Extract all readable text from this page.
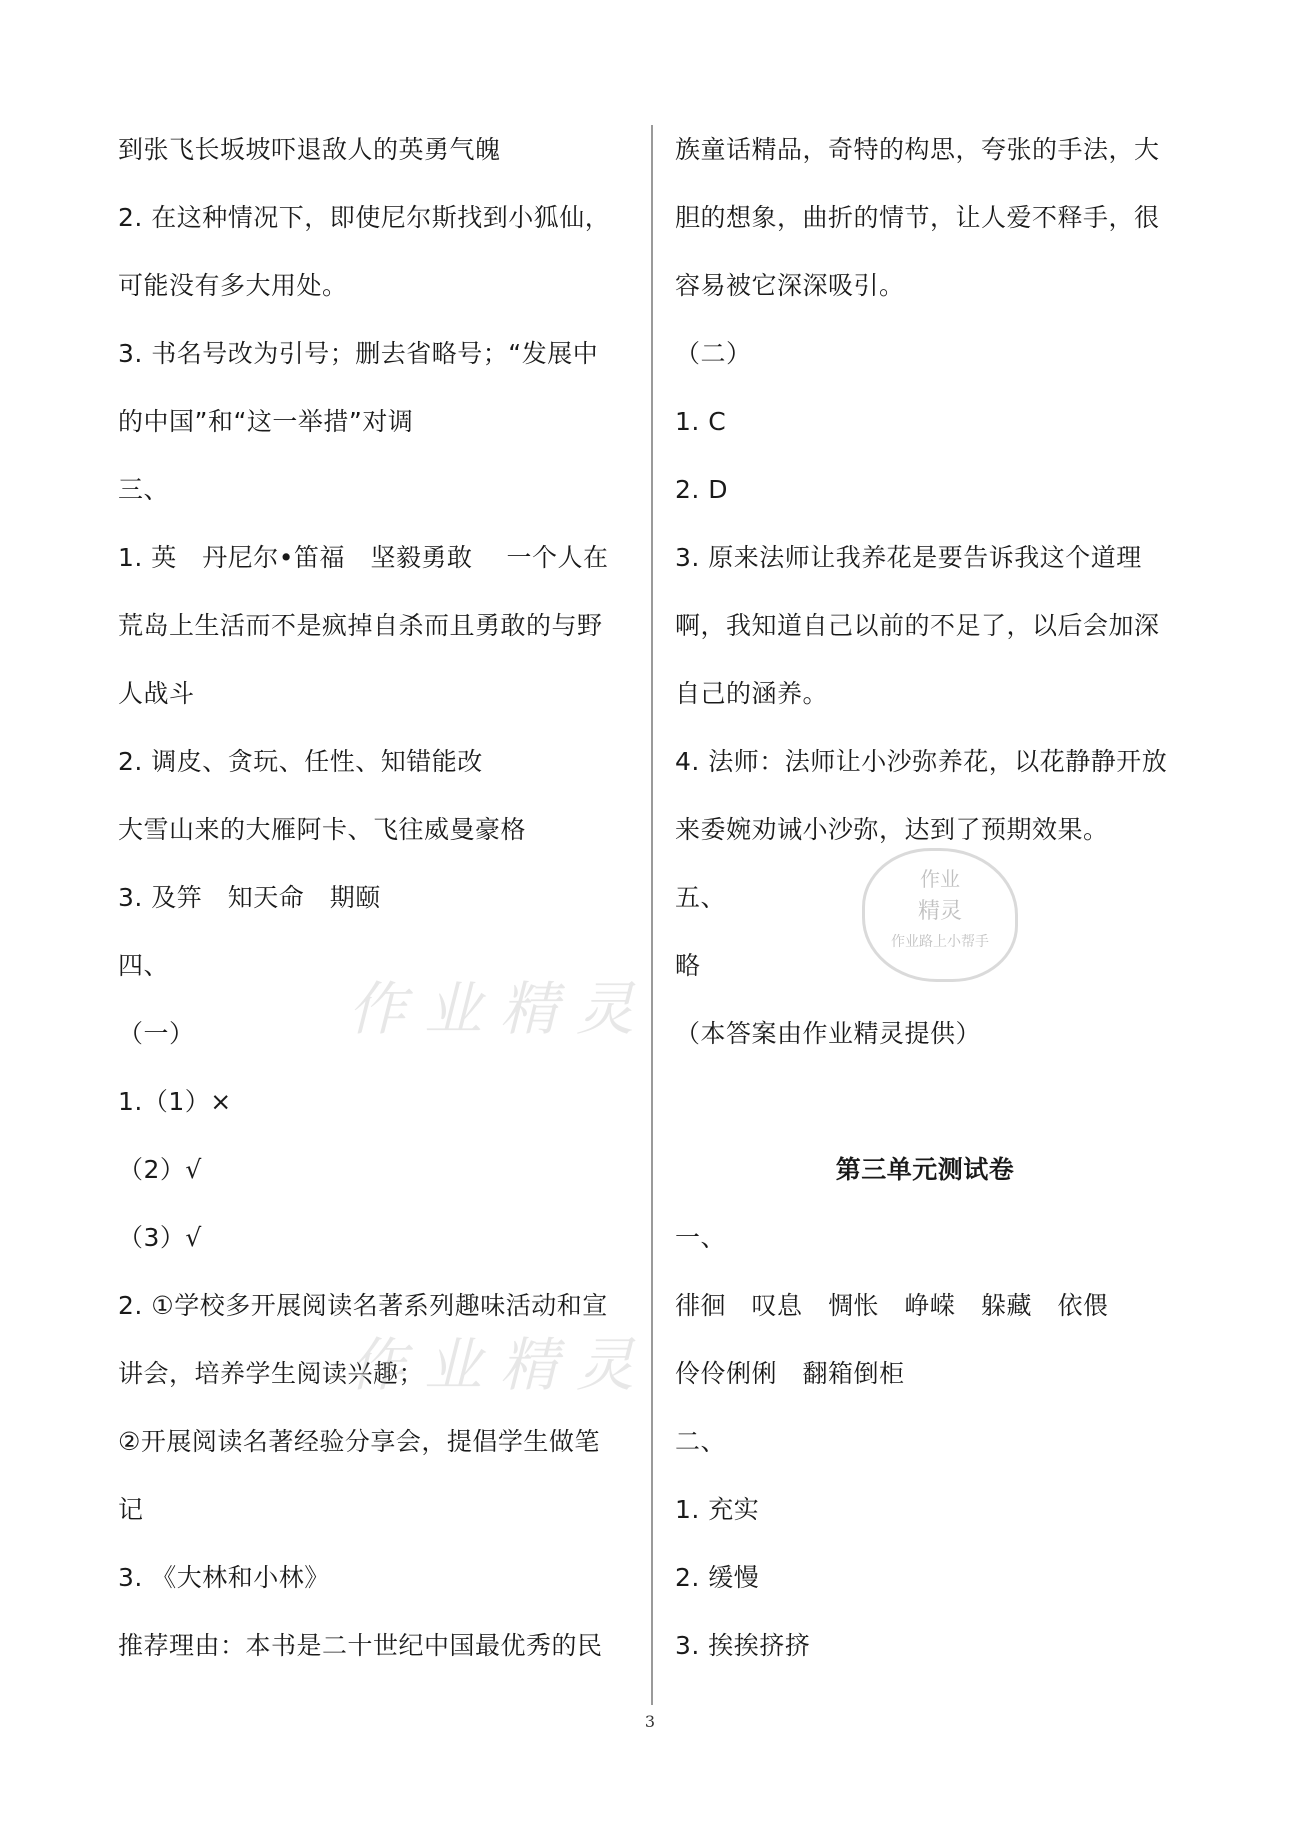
到张飞长坂坡吓退敌人的英勇气魄
2. 在这种情况下，即使尼尔斯找到小狐仙，
可能没有多大用处。
3. 书名号改为引号；删去省略号；“发展中
的中国”和“这一举措”对调
三、
1. 英　丹尼尔•笛福　坚毅勇敢　 一个人在
荒岛上生活而不是疯掉自杀而且勇敢的与野
人战斗
2. 调皮、贪玩、任性、知错能改
大雪山来的大雁阿卡、飞往威曼豪格
3. 及笄　知天命　期颐
四、
（一）
1.（1）×
（2）√
（3）√
2. ①学校多开展阅读名著系列趣味活动和宣
讲会，培养学生阅读兴趣；
②开展阅读名著经验分享会，提倡学生做笔
记
3. 《大林和小林》
推荐理由：本书是二十世纪中国最优秀的民
族童话精品，奇特的构思，夸张的手法，大
胆的想象，曲折的情节，让人爱不释手，很
容易被它深深吸引。
（二）
1. C
2. D
3. 原来法师让我养花是要告诉我这个道理
啊，我知道自己以前的不足了，以后会加深
自己的涵养。
4. 法师：法师让小沙弥养花，以花静静开放
来委婉劝诫小沙弥，达到了预期效果。
五、
略
（本答案由作业精灵提供）
第三单元测试卷
一、
徘徊　叹息　惆怅　峥嵘　躲藏　依偎
伶伶俐俐　翻箱倒柜
二、
1. 充实
2. 缓慢
3. 挨挨挤挤
作业精灵
作业精灵
作业
精灵
作业路上小帮手
3
